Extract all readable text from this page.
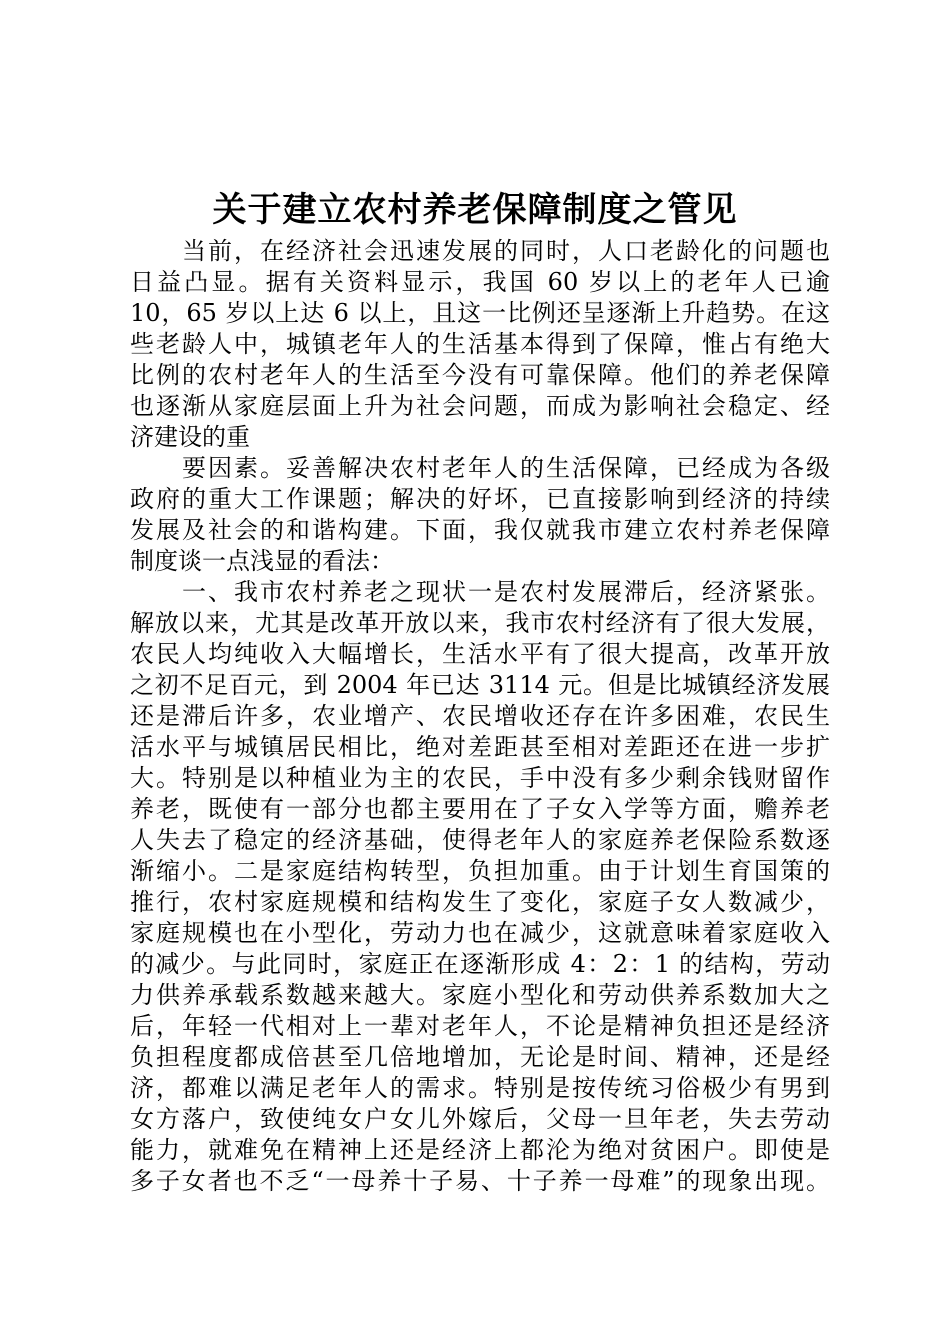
关于建立农村养老保障制度之管见
当前，在经济社会迅速发展的同时，人口老龄化的问题也
日益凸显。据有关资料显示，我国 60 岁以上的老年人已逾
10，65 岁以上达 6 以上，且这一比例还呈逐渐上升趋势。在这
些老龄人中，城镇老年人的生活基本得到了保障，惟占有绝大
比例的农村老年人的生活至今没有可靠保障。他们的养老保障
也逐渐从家庭层面上升为社会问题，而成为影响社会稳定、经
济建设的重
要因素。妥善解决农村老年人的生活保障，已经成为各级
政府的重大工作课题；解决的好坏，已直接影响到经济的持续
发展及社会的和谐构建。下面，我仅就我市建立农村养老保障
制度谈一点浅显的看法：
一、我市农村养老之现状一是农村发展滞后，经济紧张。
解放以来，尤其是改革开放以来，我市农村经济有了很大发展，
农民人均纯收入大幅增长，生活水平有了很大提高，改革开放
之初不足百元，到 2004 年已达 3114 元。但是比城镇经济发展
还是滞后许多，农业增产、农民增收还存在许多困难，农民生
活水平与城镇居民相比，绝对差距甚至相对差距还在进一步扩
大。特别是以种植业为主的农民，手中没有多少剩余钱财留作
养老，既使有一部分也都主要用在了子女入学等方面，赡养老
人失去了稳定的经济基础，使得老年人的家庭养老保险系数逐
渐缩小。二是家庭结构转型，负担加重。由于计划生育国策的
推行，农村家庭规模和结构发生了变化，家庭子女人数减少，
家庭规模也在小型化，劳动力也在减少，这就意味着家庭收入
的减少。与此同时，家庭正在逐渐形成 4：2：1 的结构，劳动
力供养承载系数越来越大。家庭小型化和劳动供养系数加大之
后，年轻一代相对上一辈对老年人，不论是精神负担还是经济
负担程度都成倍甚至几倍地增加，无论是时间、精神，还是经
济，都难以满足老年人的需求。特别是按传统习俗极少有男到
女方落户，致使纯女户女儿外嫁后，父母一旦年老，失去劳动
能力，就难免在精神上还是经济上都沦为绝对贫困户。即使是
多子女者也不乏“一母养十子易、十子养一母难”的现象出现。
